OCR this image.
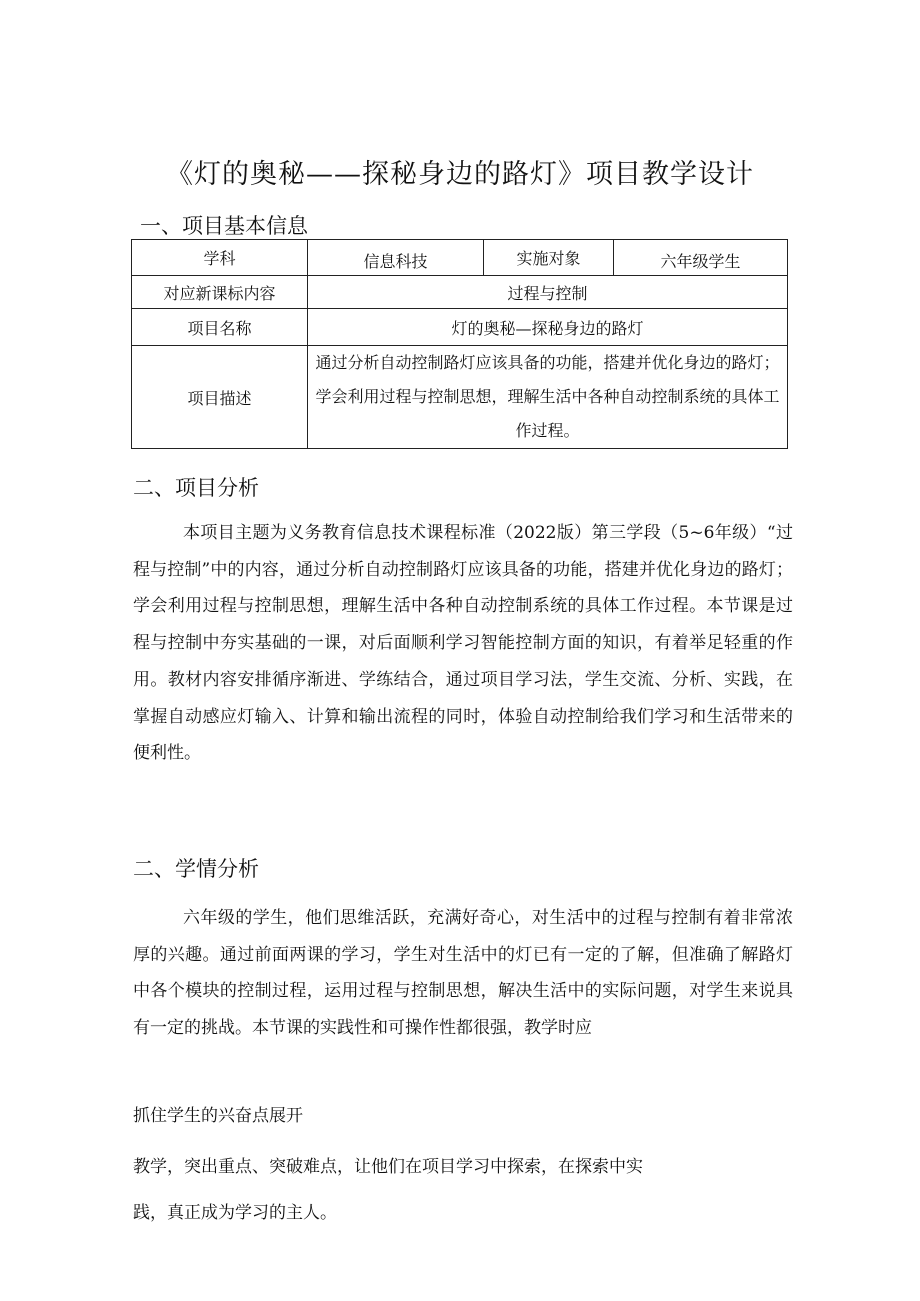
《灯的奥秘——探秘身边的路灯》项目教学设计
一、项目基本信息
学科	信息科技	实施对象	六年级学生
对应新课标内容	过程与控制		
项目名称	灯的奥秘—探秘身边的路灯		
项目描述	通过分析自动控制路灯应该具备的功能，搭建并优化身边的路灯；学会利用过程与控制思想，理解生活中各种自动控制系统的具体工作过程。		
二、项目分析

本项目主题为义务教育信息技术课程标准（2022版）第三学段（5~6年级）“过程与控制”中的内容，通过分析自动控制路灯应该具备的功能，搭建并优化身边的路灯；学会利用过程与控制思想，理解生活中各种自动控制系统的具体工作过程。本节课是过程与控制中夯实基础的一课，对后面顺利学习智能控制方面的知识，有着举足轻重的作用。教材内容安排循序渐进、学练结合，通过项目学习法，学生交流、分析、实践，在掌握自动感应灯输入、计算和输出流程的同时，体验自动控制给我们学习和生活带来的便利性。

二、学情分析

六年级的学生，他们思维活跃，充满好奇心，对生活中的过程与控制有着非常浓厚的兴趣。通过前面两课的学习，学生对生活中的灯已有一定的了解，但准确了解路灯中各个模块的控制过程，运用过程与控制思想，解决生活中的实际问题，对学生来说具有一定的挑战。本节课的实践性和可操作性都很强，教学时应

抓住学生的兴奋点展开
教学，突出重点、突破难点，让他们在项目学习中探索，在探索中实
践，真正成为学习的主人。
